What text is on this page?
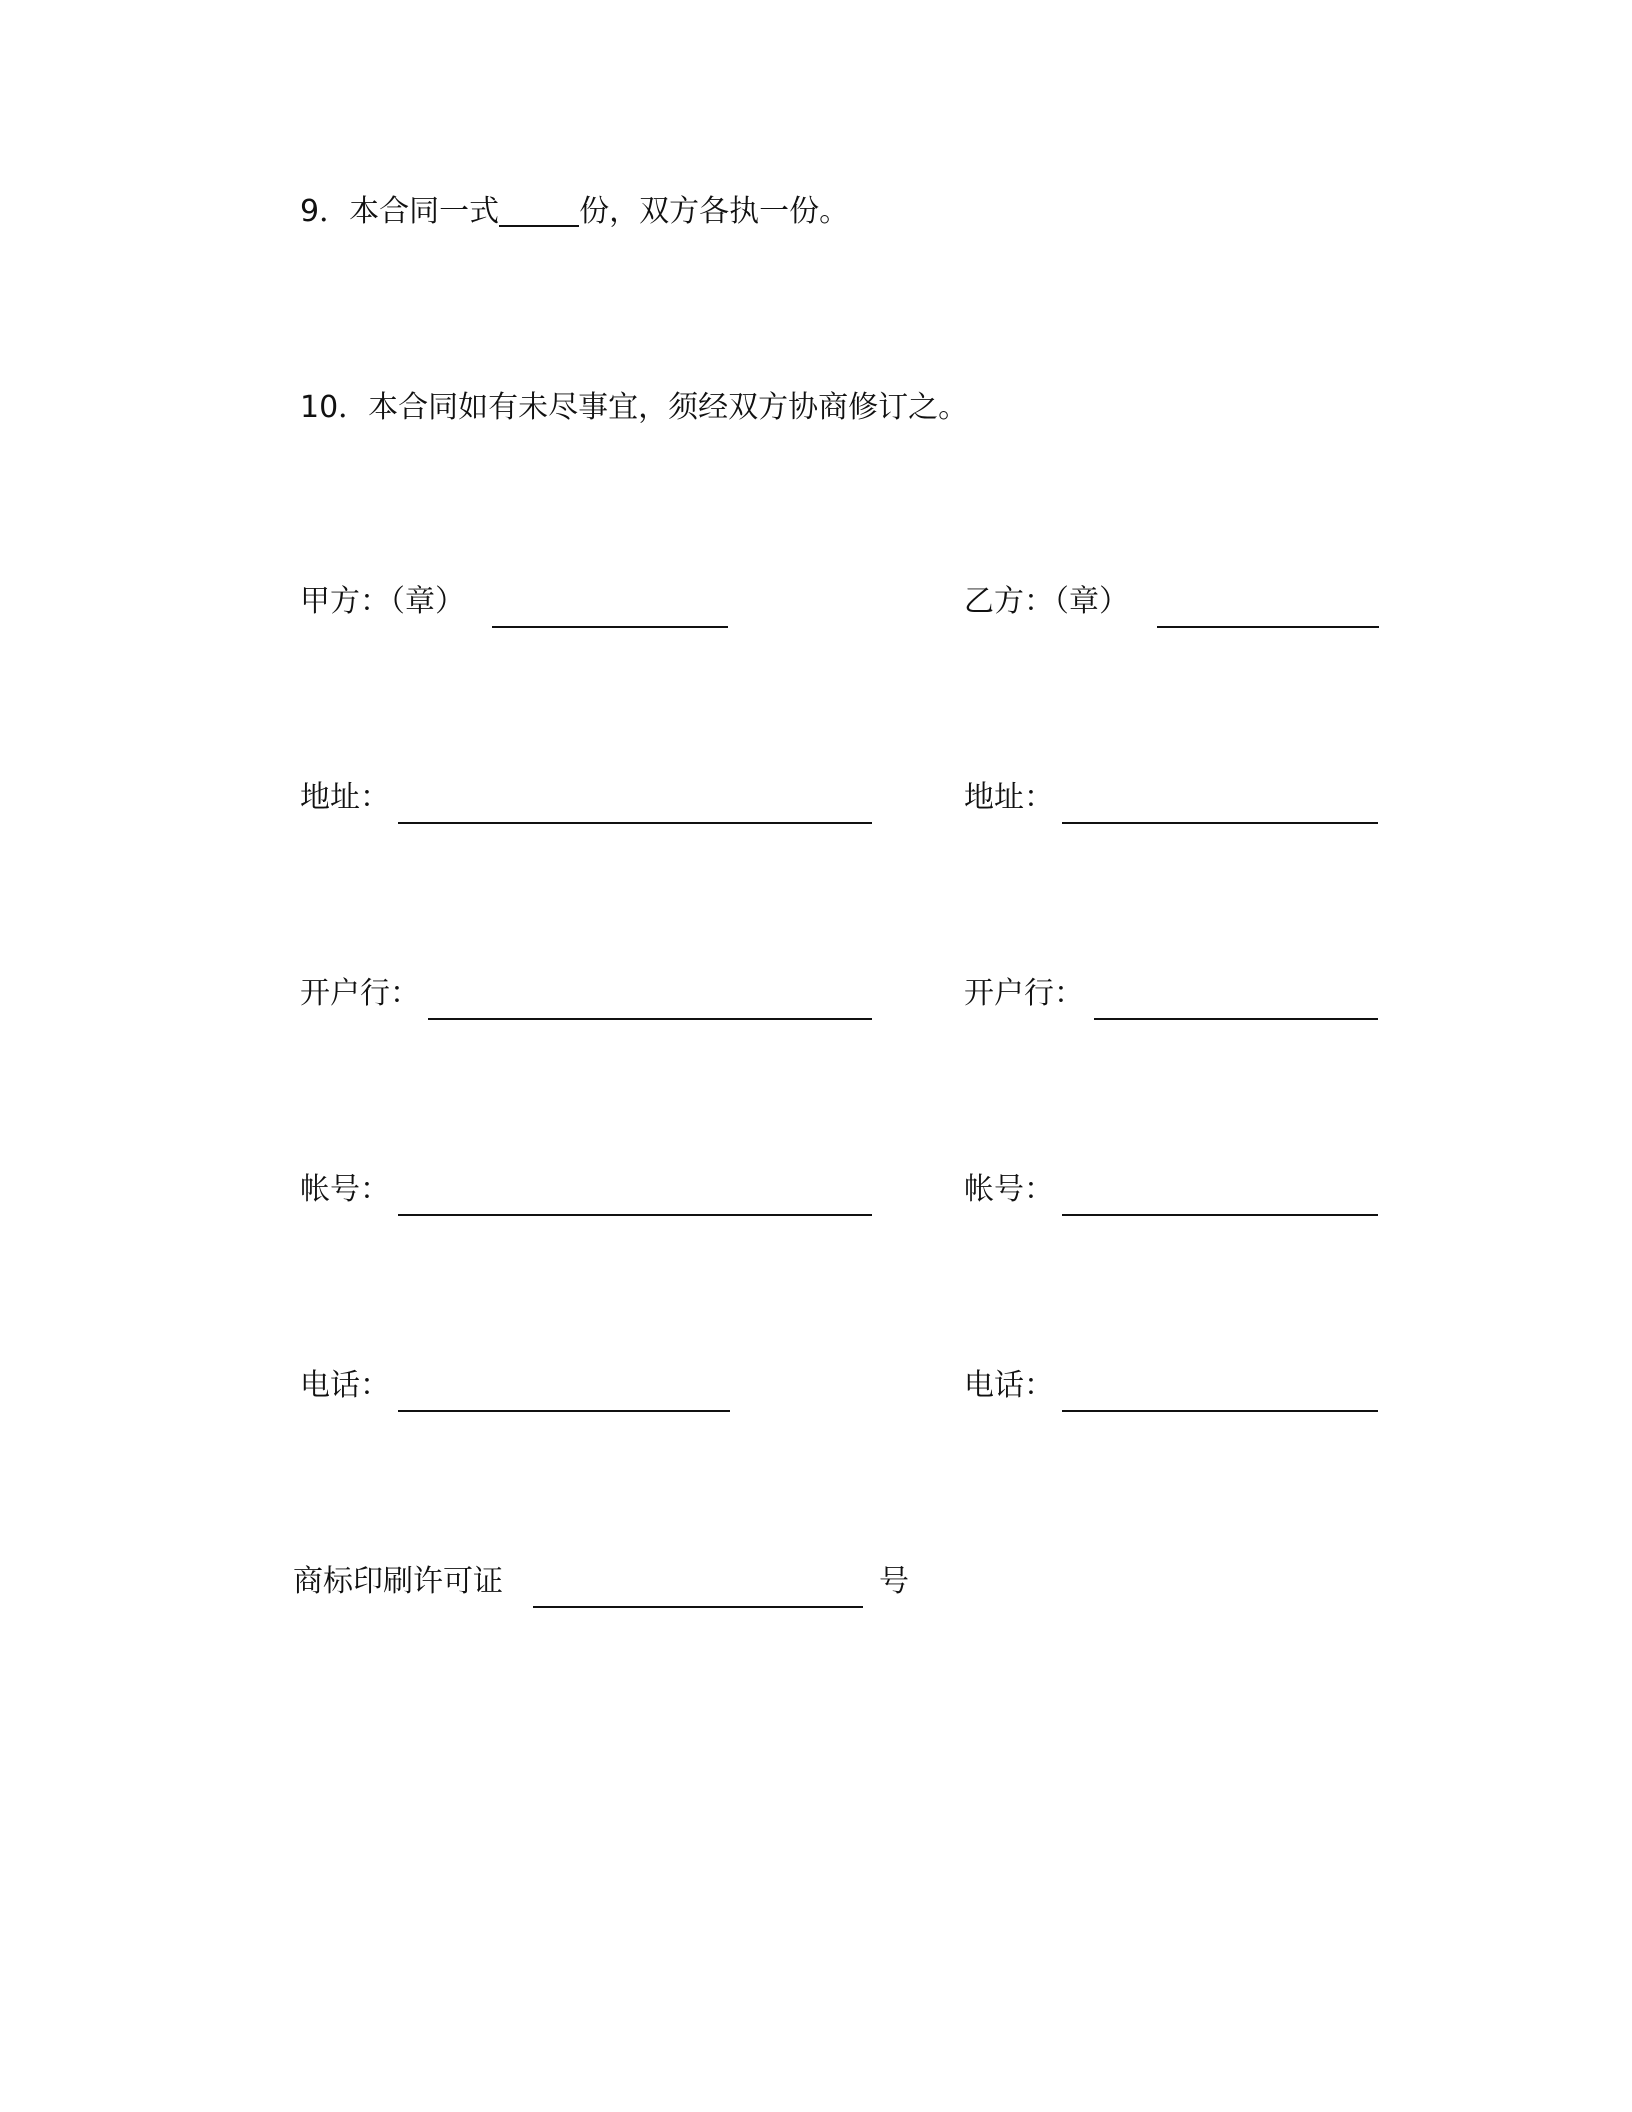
9．本合同一式	份，双方各执一份。
10．本合同如有未尽事宜，须经双方协商修订之。
甲方：（章）
地址：
开户行：
帐号：
电话：
乙方：（章）
地址：
开户行：
帐号：
电话：
商标印刷许可证	号
